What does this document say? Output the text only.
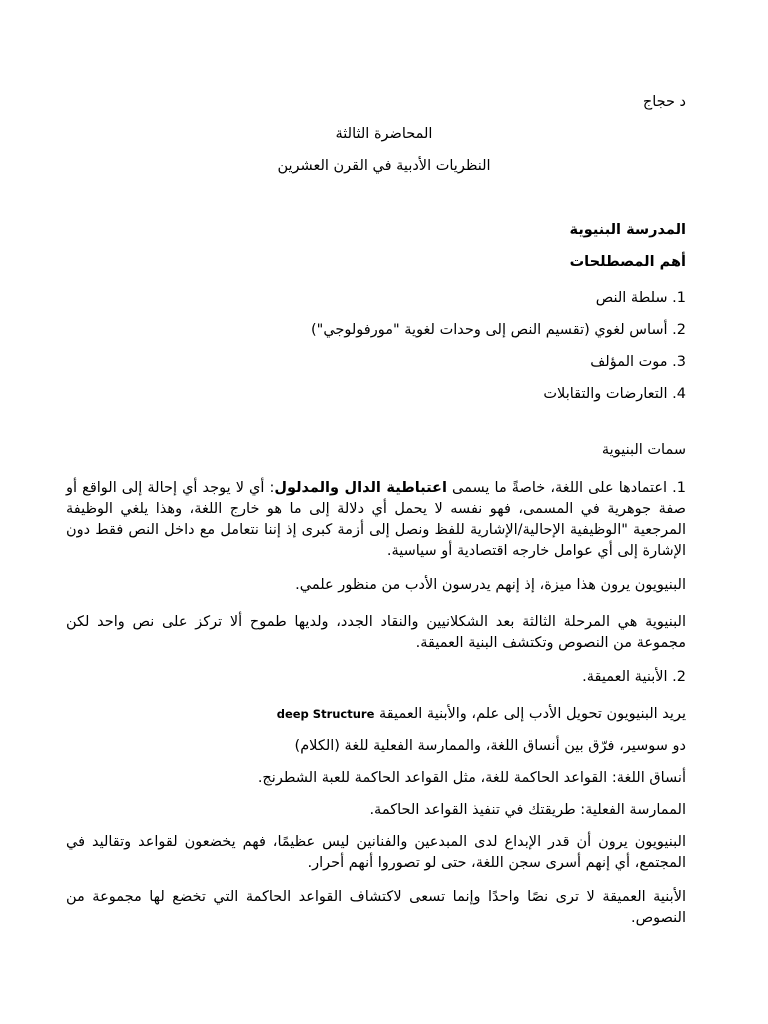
د حجاج
المحاضرة الثالثة
النظريات الأدبية في القرن العشرين
المدرسة البنيوية
أهم المصطلحات
1. سلطة النص
2. أساس لغوي (تقسيم النص إلى وحدات لغوية "مورفولوجي")
3. موت المؤلف
4. التعارضات والتقابلات
سمات البنيوية
1. اعتمادها على اللغة، خاصةً ما يسمى اعتباطية الدال والمدلول: أي لا يوجد أي إحالة إلى الواقع أو صفة جوهرية في المسمى، فهو نفسه لا يحمل أي دلالة إلى ما هو خارج اللغة، وهذا يلغي الوظيفة المرجعية "الوظيفية الإحالية/الإشارية للفظ ونصل إلى أزمة كبرى إذ إننا نتعامل مع داخل النص فقط دون الإشارة إلى أي عوامل خارجه اقتصادية أو سياسية.
البنيويون يرون هذا ميزة، إذ إنهم يدرسون الأدب من منظور علمي.
البنيوية هي المرحلة الثالثة بعد الشكلانيين والنقاد الجدد، ولديها طموح ألا تركز على نص واحد لكن مجموعة من النصوص وتكتشف البنية العميقة.
2. الأبنية العميقة.
يريد البنيويون تحويل الأدب إلى علم، والأبنية العميقة deep Structure
دو سوسير، فرّق بين أنساق اللغة، والممارسة الفعلية للغة (الكلام)
أنساق اللغة: القواعد الحاكمة للغة، مثل القواعد الحاكمة للعبة الشطرنج.
الممارسة الفعلية: طريقتك في تنفيذ القواعد الحاكمة.
البنيويون يرون أن قدر الإبداع لدى المبدعين والفنانين ليس عظيمًا، فهم يخضعون لقواعد وتقاليد في المجتمع، أي إنهم أسرى سجن اللغة، حتى لو تصوروا أنهم أحرار.
الأبنية العميقة لا ترى نصًا واحدًا وإنما تسعى لاكتشاف القواعد الحاكمة التي تخضع لها مجموعة من النصوص.
